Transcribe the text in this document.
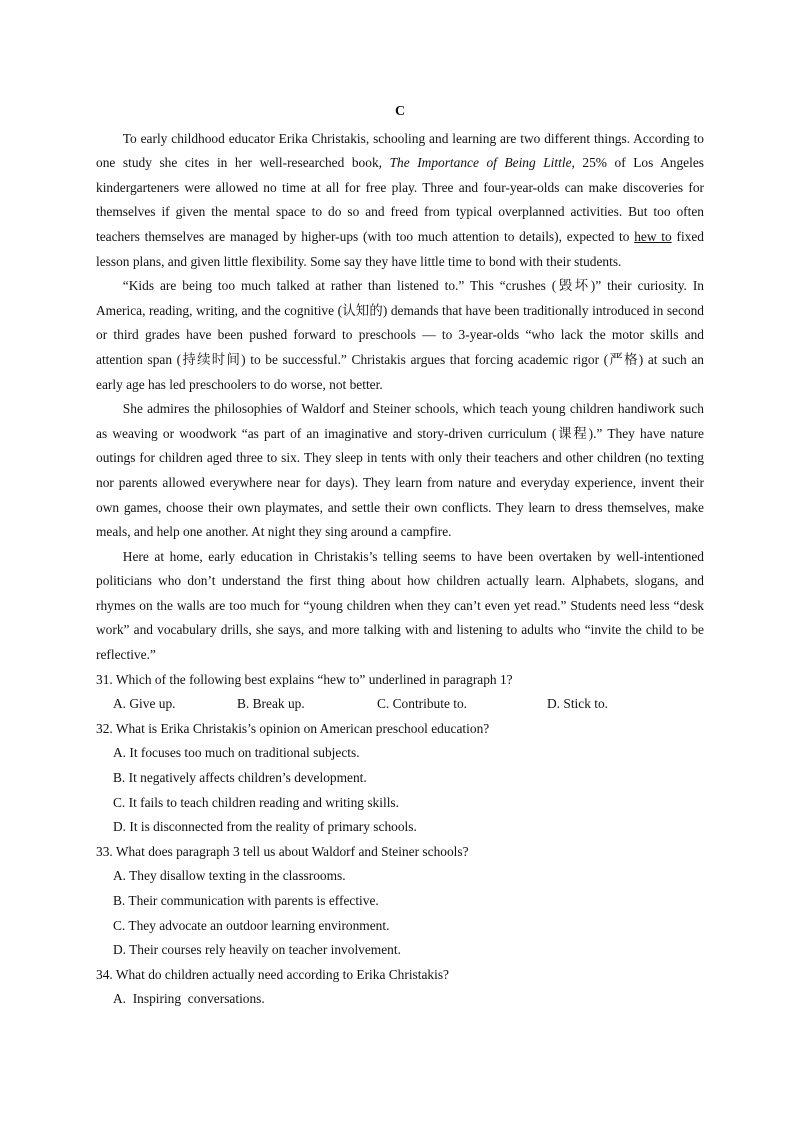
C

To early childhood educator Erika Christakis, schooling and learning are two different things. According to one study she cites in her well-researched book, The Importance of Being Little, 25% of Los Angeles kindergarteners were allowed no time at all for free play. Three and four-year-olds can make discoveries for themselves if given the mental space to do so and freed from typical overplanned activities. But too often teachers themselves are managed by higher-ups (with too much attention to details), expected to hew to fixed lesson plans, and given little flexibility. Some say they have little time to bond with their students.

“Kids are being too much talked at rather than listened to.” This “crushes (毁坏)” their curiosity. In America, reading, writing, and the cognitive (认知的) demands that have been traditionally introduced in second or third grades have been pushed forward to preschools — to 3-year-olds “who lack the motor skills and attention span (持续时间) to be successful.” Christakis argues that forcing academic rigor (严格) at such an early age has led preschoolers to do worse, not better.

She admires the philosophies of Waldorf and Steiner schools, which teach young children handiwork such as weaving or woodwork “as part of an imaginative and story-driven curriculum (课程).” They have nature outings for children aged three to six. They sleep in tents with only their teachers and other children (no texting nor parents allowed everywhere near for days). They learn from nature and everyday experience, invent their own games, choose their own playmates, and settle their own conflicts. They learn to dress themselves, make meals, and help one another. At night they sing around a campfire.

Here at home, early education in Christakis’s telling seems to have been overtaken by well-intentioned politicians who don’t understand the first thing about how children actually learn. Alphabets, slogans, and rhymes on the walls are too much for “young children when they can’t even yet read.” Students need less “desk work” and vocabulary drills, she says, and more talking with and listening to adults who “invite the child to be reflective.”

31. Which of the following best explains “hew to” underlined in paragraph 1?

A. Give up.	B. Break up.	C. Contribute to.	D. Stick to.

32. What is Erika Christakis’s opinion on American preschool education?

A. It focuses too much on traditional subjects.

B. It negatively affects children’s development.

C. It fails to teach children reading and writing skills.

D. It is disconnected from the reality of primary schools.

33. What does paragraph 3 tell us about Waldorf and Steiner schools?

A. They disallow texting in the classrooms.

B. Their communication with parents is effective.

C. They advocate an outdoor learning environment.

D. Their courses rely heavily on teacher involvement.

34. What do children actually need according to Erika Christakis?

A.  Inspiring  conversations.
